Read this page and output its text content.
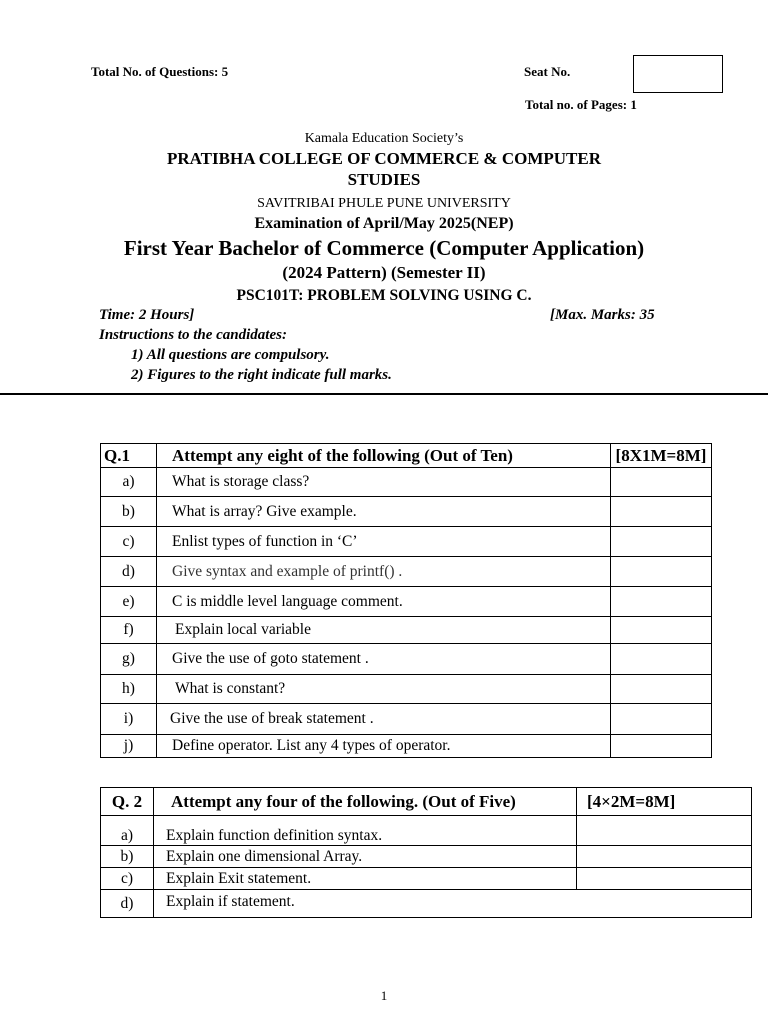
Total No. of Questions: 5	Seat No.
Total no. of Pages: 1
Kamala Education Society’s
PRATIBHA COLLEGE OF COMMERCE & COMPUTER
STUDIES
SAVITRIBAI PHULE PUNE UNIVERSITY
Examination of April/May 2025(NEP)
First Year Bachelor of Commerce (Computer Application)
(2024 Pattern) (Semester II)
PSC101T: PROBLEM SOLVING USING C.
Time: 2 Hours]	[Max. Marks: 35
Instructions to the candidates:
1) All questions are compulsory.
2) Figures to the right indicate full marks.
Q.1	Attempt any eight of the following (Out of Ten)	[8X1M=8M]
a)	What is storage class?	
b)	What is array? Give example.	
c)	Enlist types of function in ‘C’	
d)	Give syntax and example of printf() .	
e)	C is middle level language comment.	
f)	Explain local variable	
g)	Give the use of goto statement .	
h)	What is constant?	
i)	Give the use of break statement .	
j)	Define operator. List any 4 types of operator.	
Q. 2	Attempt any four of the following. (Out of Five)	[4×2M=8M]
a)	Explain function definition syntax.	
b)	Explain one dimensional Array.	
c)	Explain Exit statement.	
d)	Explain if statement.	
1
